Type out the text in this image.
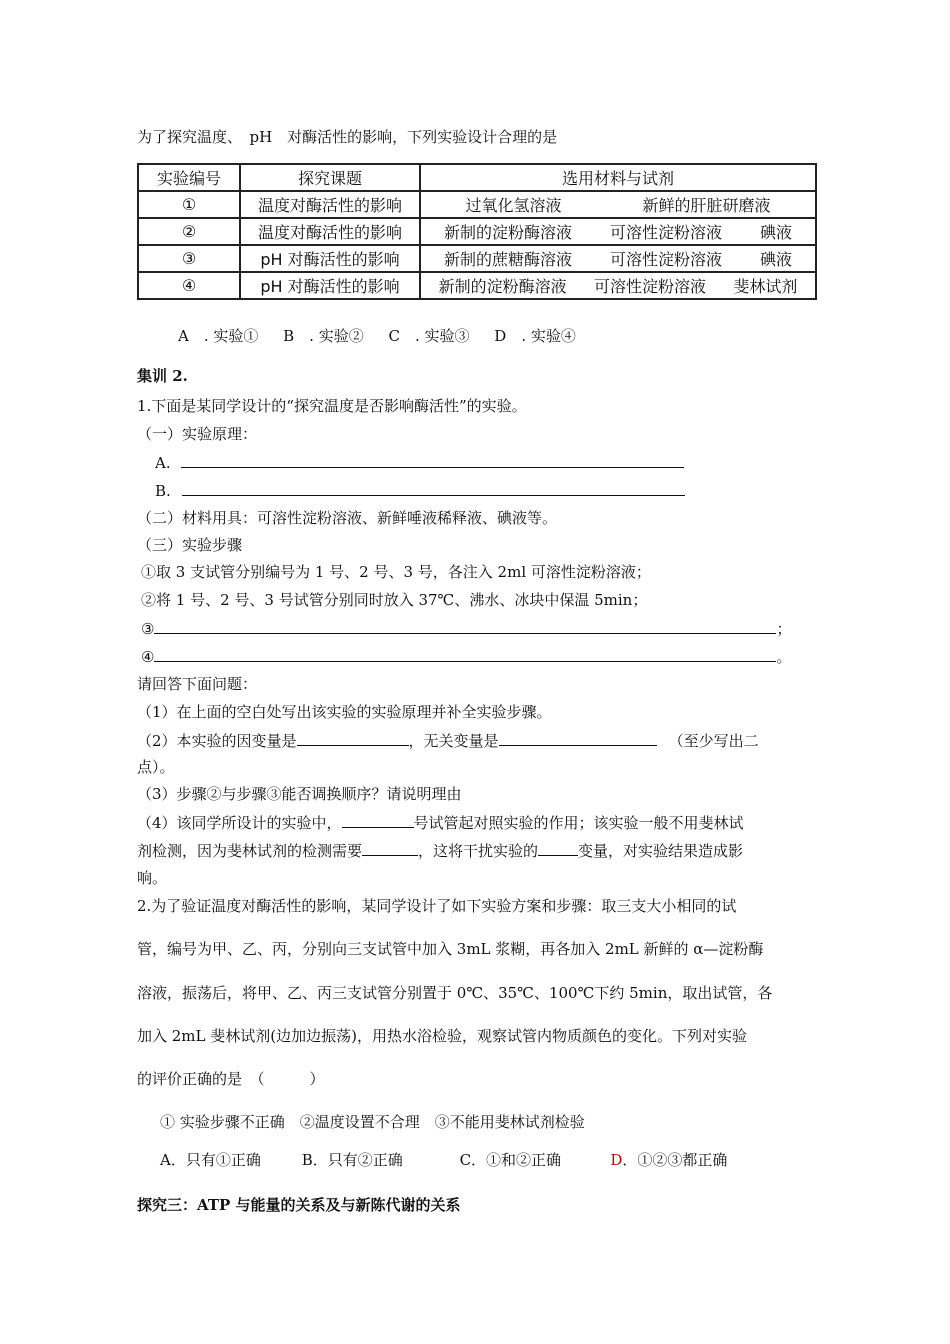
为了探究温度、　pH　对酶活性的影响，下列实验设计合理的是
实验编号	探究课题	选用材料与试剂
①	温度对酶活性的影响	过氧化氢溶液 新鲜的肝脏研磨液

②	温度对酶活性的影响	新制的淀粉酶溶液 可溶性淀粉溶液 碘液

③	pH 对酶活性的影响	新制的蔗糖酶溶液 可溶性淀粉溶液 碘液

④	pH 对酶活性的影响	新制的淀粉酶溶液 可溶性淀粉溶液 斐林试剂
A　. 实验① B　. 实验② C　. 实验③ D　. 实验④
集训 2.
1.下面是某同学设计的“探究温度是否影响酶活性”的实验。
（一）实验原理：
A.
B.
（二）材料用具：可溶性淀粉溶液、新鲜唾液稀释液、碘液等。
（三）实验步骤
①取 3 支试管分别编号为 1 号、2 号、3 号，各注入 2ml 可溶性淀粉溶液；
②将 1 号、2 号、3 号试管分别同时放入 37℃、沸水、冰块中保温 5min；
③	；
④	。
请回答下面问题：
（1）在上面的空白处写出该实验的实验原理并补全实验步骤。
（2）本实验的因变量是	，无关变量是	（至少写出二
点）。
（3）步骤②与步骤③能否调换顺序？请说明理由
（4）该同学所设计的实验中，	号试管起对照实验的作用；该实验一般不用斐林试
剂检测，因为斐林试剂的检测需要	，这将干扰实验的	变量，对实验结果造成影
响。
2.为了验证温度对酶活性的影响，某同学设计了如下实验方案和步骤：取三支大小相同的试
管，编号为甲、乙、丙，分别向三支试管中加入 3mL 浆糊，再各加入 2mL 新鲜的 α—淀粉酶
溶液，振荡后，将甲、乙、丙三支试管分别置于 0℃、35℃、100℃下约 5min，取出试管，各
加入 2mL 斐林试剂(边加边振荡)，用热水浴检验，观察试管内物质颜色的变化。下列对实验
的评价正确的是　（　　　）
① 实验步骤不正确　②温度设置不合理　③不能用斐林试剂检验
A．只有①正确	B．只有②正确	C．①和②正确	D．①②③都正确
探究三：ATP 与能量的关系及与新陈代谢的关系
